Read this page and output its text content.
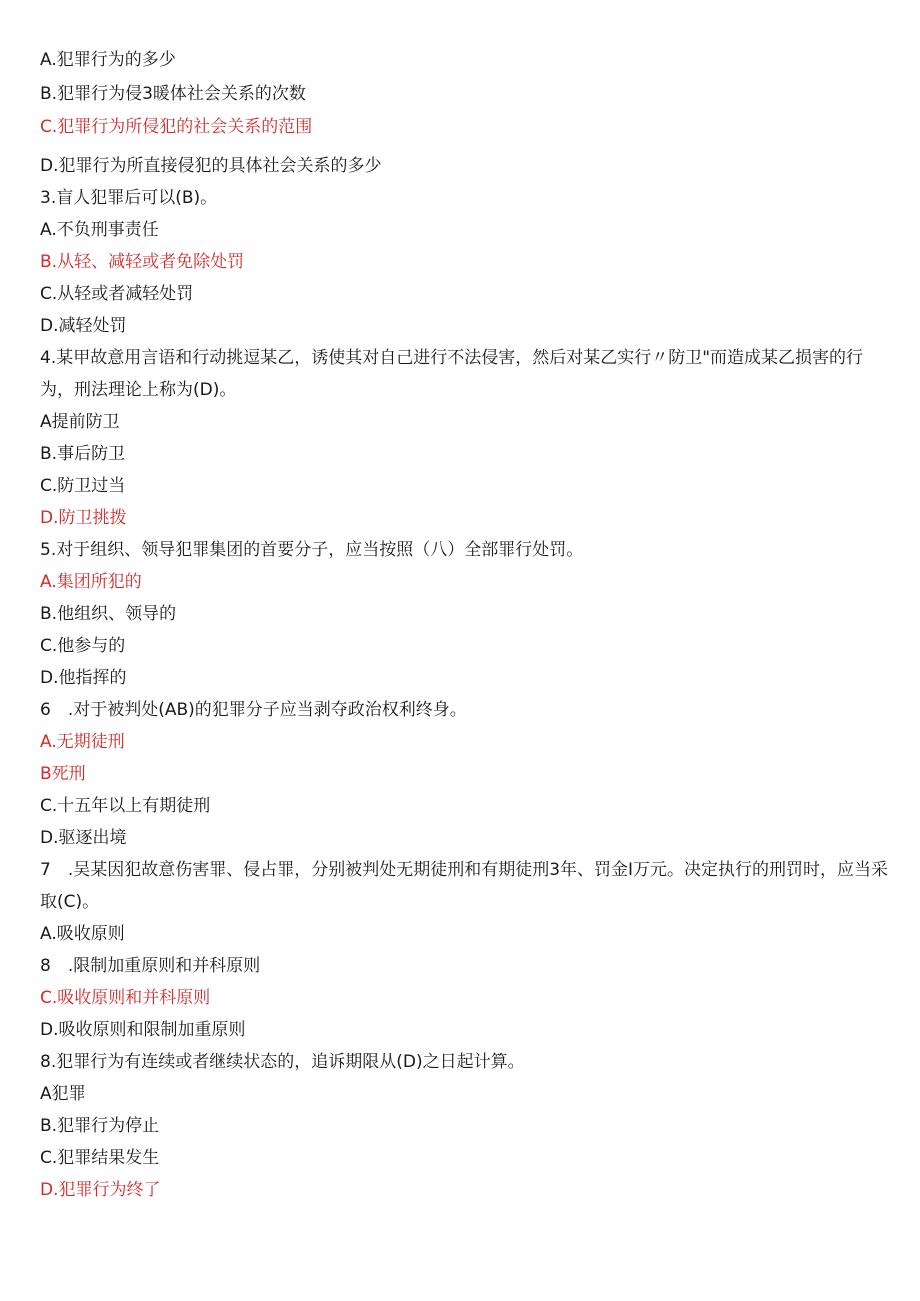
A.犯罪行为的多少
B.犯罪行为侵3暖体社会关系的次数
C.犯罪行为所侵犯的社会关系的范围
D.犯罪行为所直接侵犯的具体社会关系的多少
3.盲人犯罪后可以(B)。
A.不负刑事责任
B.从轻、减轻或者免除处罚
C.从轻或者减轻处罚
D.减轻处罚
4.某甲故意用言语和行动挑逗某乙，诱使其对自己进行不法侵害，然后对某乙实行〃防卫"而造成某乙损害的行为，刑法理论上称为(D)。
A提前防卫
B.事后防卫
C.防卫过当
D.防卫挑拨
5.对于组织、领导犯罪集团的首要分子，应当按照（八）全部罪行处罚。
A.集团所犯的
B.他组织、领导的
C.他参与的
D.他指挥的
6　.对于被判处(AB)的犯罪分子应当剥夺政治权利终身。
A.无期徒刑
B死刑
C.十五年以上有期徒刑
D.驱逐出境
7　.吴某因犯故意伤害罪、侵占罪，分别被判处无期徒刑和有期徒刑3年、罚金I万元。决定执行的刑罚时，应当采取(C)。
A.吸收原则
8　.限制加重原则和并科原则
C.吸收原则和并科原则
D.吸收原则和限制加重原则
8.犯罪行为有连续或者继续状态的，追诉期限从(D)之日起计算。
A犯罪
B.犯罪行为停止
C.犯罪结果发生
D.犯罪行为终了
